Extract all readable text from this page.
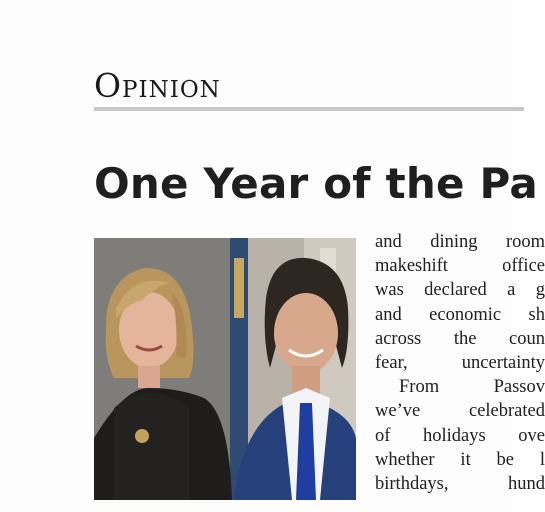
Opinion
One Year of the Pa
and dining room
makeshift office
was declared a g
and economic sh
across the coun
fear, uncertainty
From Passov
we’ve celebrated
of holidays ove
whether it be l
birthdays, hund
